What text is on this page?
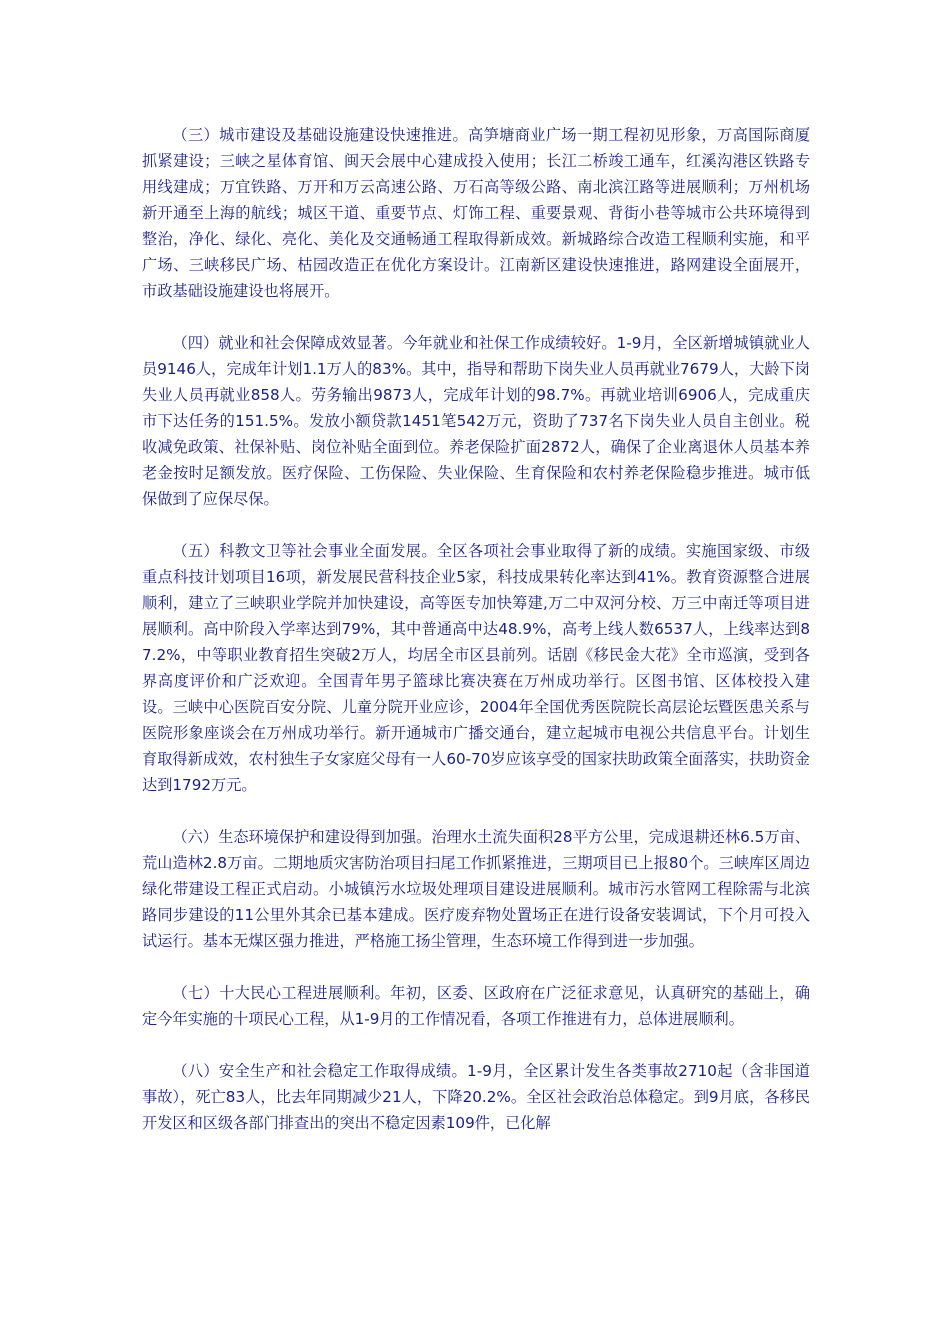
（三）城市建设及基础设施建设快速推进。高笋塘商业广场一期工程初见形象，万高国际商厦抓紧建设；三峡之星体育馆、闽天会展中心建成投入使用；长江二桥竣工通车，红溪沟港区铁路专用线建成；万宜铁路、万开和万云高速公路、万石高等级公路、南北滨江路等进展顺利；万州机场新开通至上海的航线；城区干道、重要节点、灯饰工程、重要景观、背街小巷等城市公共环境得到整治，净化、绿化、亮化、美化及交通畅通工程取得新成效。新城路综合改造工程顺利实施，和平广场、三峡移民广场、枯园改造正在优化方案设计。江南新区建设快速推进，路网建设全面展开，市政基础设施建设也将展开。

（四）就业和社会保障成效显著。今年就业和社保工作成绩较好。1-9月，全区新增城镇就业人员9146人，完成年计划1.1万人的83%。其中，指导和帮助下岗失业人员再就业7679人，大龄下岗失业人员再就业858人。劳务输出9873人，完成年计划的98.7%。再就业培训6906人，完成重庆市下达任务的151.5%。发放小额贷款1451笔542万元，资助了737名下岗失业人员自主创业。税收减免政策、社保补贴、岗位补贴全面到位。养老保险扩面2872人，确保了企业离退休人员基本养老金按时足额发放。医疗保险、工伤保险、失业保险、生育保险和农村养老保险稳步推进。城市低保做到了应保尽保。

（五）科教文卫等社会事业全面发展。全区各项社会事业取得了新的成绩。实施国家级、市级重点科技计划项目16项，新发展民营科技企业5家，科技成果转化率达到41%。教育资源整合进展顺利，建立了三峡职业学院并加快建设，高等医专加快筹建,万二中双河分校、万三中南迁等项目进展顺利。高中阶段入学率达到79%，其中普通高中达48.9%，高考上线人数6537人，上线率达到87.2%，中等职业教育招生突破2万人，均居全市区县前列。话剧《移民金大花》全市巡演，受到各界高度评价和广泛欢迎。全国青年男子篮球比赛决赛在万州成功举行。区图书馆、区体校投入建设。三峡中心医院百安分院、儿童分院开业应诊，2004年全国优秀医院院长高层论坛暨医患关系与医院形象座谈会在万州成功举行。新开通城市广播交通台，建立起城市电视公共信息平台。计划生育取得新成效，农村独生子女家庭父母有一人60-70岁应该享受的国家扶助政策全面落实，扶助资金达到1792万元。

（六）生态环境保护和建设得到加强。治理水土流失面积28平方公里，完成退耕还林6.5万亩、荒山造林2.8万亩。二期地质灾害防治项目扫尾工作抓紧推进，三期项目已上报80个。三峡库区周边绿化带建设工程正式启动。小城镇污水垃圾处理项目建设进展顺利。城市污水管网工程除需与北滨路同步建设的11公里外其余已基本建成。医疗废弃物处置场正在进行设备安装调试，下个月可投入试运行。基本无煤区强力推进，严格施工扬尘管理，生态环境工作得到进一步加强。

（七）十大民心工程进展顺利。年初，区委、区政府在广泛征求意见，认真研究的基础上，确定今年实施的十项民心工程，从1-9月的工作情况看，各项工作推进有力，总体进展顺利。

（八）安全生产和社会稳定工作取得成绩。1-9月，全区累计发生各类事故2710起（含非国道事故），死亡83人，比去年同期减少21人，下降20.2%。全区社会政治总体稳定。到9月底，各移民开发区和区级各部门排查出的突出不稳定因素109件，已化解
